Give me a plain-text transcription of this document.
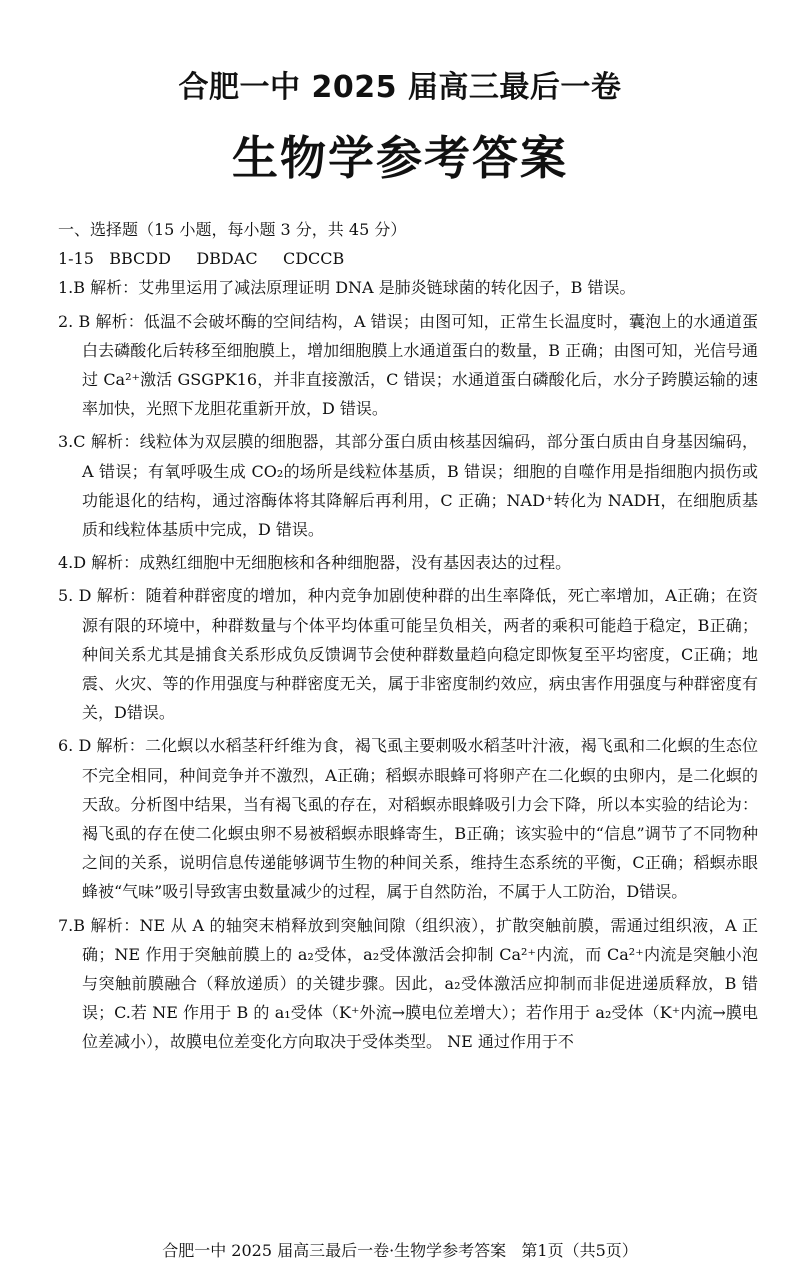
合肥一中 2025 届高三最后一卷
生物学参考答案
一、选择题（15 小题，每小题 3 分，共 45 分）
1-15   BBCDD     DBDAC     CDCCB

1.B 解析：艾弗里运用了减法原理证明 DNA 是肺炎链球菌的转化因子，B 错误。

2. B 解析：低温不会破坏酶的空间结构，A 错误；由图可知，正常生长温度时，囊泡上的水通道蛋白去磷酸化后转移至细胞膜上，增加细胞膜上水通道蛋白的数量，B 正确；由图可知，光信号通过 Ca²⁺激活 GSGPK16，并非直接激活，C 错误；水通道蛋白磷酸化后，水分子跨膜运输的速率加快，光照下龙胆花重新开放，D 错误。

3.C 解析：线粒体为双层膜的细胞器，其部分蛋白质由核基因编码，部分蛋白质由自身基因编码，A 错误；有氧呼吸生成 CO₂的场所是线粒体基质，B 错误；细胞的自噬作用是指细胞内损伤或功能退化的结构，通过溶酶体将其降解后再利用，C 正确；NAD⁺转化为 NADH，在细胞质基质和线粒体基质中完成，D 错误。

4.D 解析：成熟红细胞中无细胞核和各种细胞器，没有基因表达的过程。

5. D 解析：随着种群密度的增加，种内竞争加剧使种群的出生率降低，死亡率增加，A正确；在资源有限的环境中，种群数量与个体平均体重可能呈负相关，两者的乘积可能趋于稳定，B正确；种间关系尤其是捕食关系形成负反馈调节会使种群数量趋向稳定即恢复至平均密度，C正确；地震、火灾、等的作用强度与种群密度无关，属于非密度制约效应，病虫害作用强度与种群密度有关，D错误。

6. D 解析：二化螟以水稻茎秆纤维为食，褐飞虱主要刺吸水稻茎叶汁液，褐飞虱和二化螟的生态位不完全相同，种间竞争并不激烈，A正确；稻螟赤眼蜂可将卵产在二化螟的虫卵内，是二化螟的天敌。分析图中结果，当有褐飞虱的存在，对稻螟赤眼蜂吸引力会下降，所以本实验的结论为：褐飞虱的存在使二化螟虫卵不易被稻螟赤眼蜂寄生，B正确；该实验中的“信息”调节了不同物种之间的关系，说明信息传递能够调节生物的种间关系，维持生态系统的平衡，C正确；稻螟赤眼蜂被“气味”吸引导致害虫数量减少的过程，属于自然防治，不属于人工防治，D错误。

7.B 解析：NE 从 A 的轴突末梢释放到突触间隙（组织液），扩散突触前膜，需通过组织液，A 正确；NE 作用于突触前膜上的 a₂受体，a₂受体激活会抑制 Ca²⁺内流，而 Ca²⁺内流是突触小泡与突触前膜融合（释放递质）的关键步骤。因此，a₂受体激活应抑制而非促进递质释放，B 错误；C.若 NE 作用于 B 的 a₁受体（K⁺外流→膜电位差增大）；若作用于 a₂受体（K⁺内流→膜电位差减小），故膜电位差变化方向取决于受体类型。 NE 通过作用于不

合肥一中 2025 届高三最后一卷·生物学参考答案   第1页（共5页）
